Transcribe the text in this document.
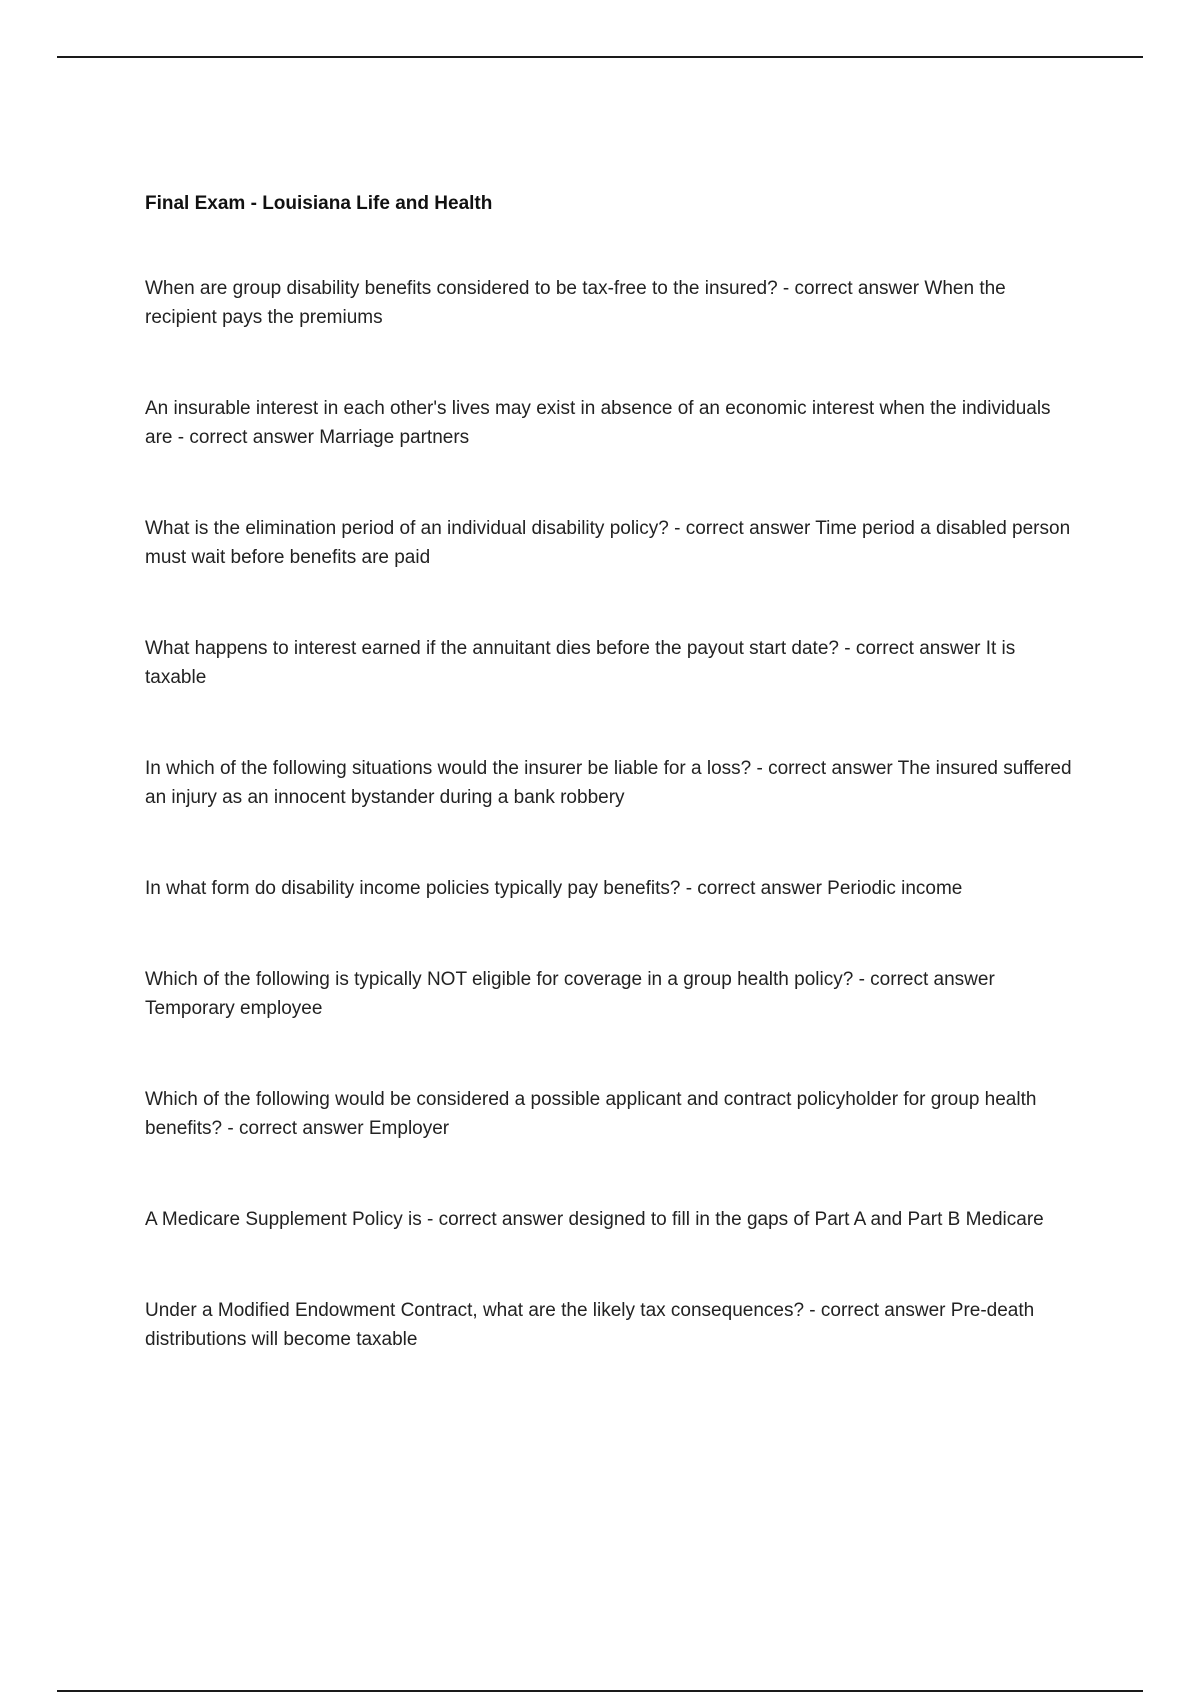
Final Exam - Louisiana Life and Health

When are group disability benefits considered to be tax-free to the insured? - correct answer When the recipient pays the premiums

An insurable interest in each other's lives may exist in absence of an economic interest when the individuals are - correct answer Marriage partners

What is the elimination period of an individual disability policy? - correct answer Time period a disabled person must wait before benefits are paid

What happens to interest earned if the annuitant dies before the payout start date? - correct answer It is taxable

In which of the following situations would the insurer be liable for a loss? - correct answer The insured suffered an injury as an innocent bystander during a bank robbery

In what form do disability income policies typically pay benefits? - correct answer Periodic income

Which of the following is typically NOT eligible for coverage in a group health policy? - correct answer Temporary employee

Which of the following would be considered a possible applicant and contract policyholder for group health benefits? - correct answer Employer

A Medicare Supplement Policy is - correct answer designed to fill in the gaps of Part A and Part B Medicare

Under a Modified Endowment Contract, what are the likely tax consequences? - correct answer Pre-death distributions will become taxable
